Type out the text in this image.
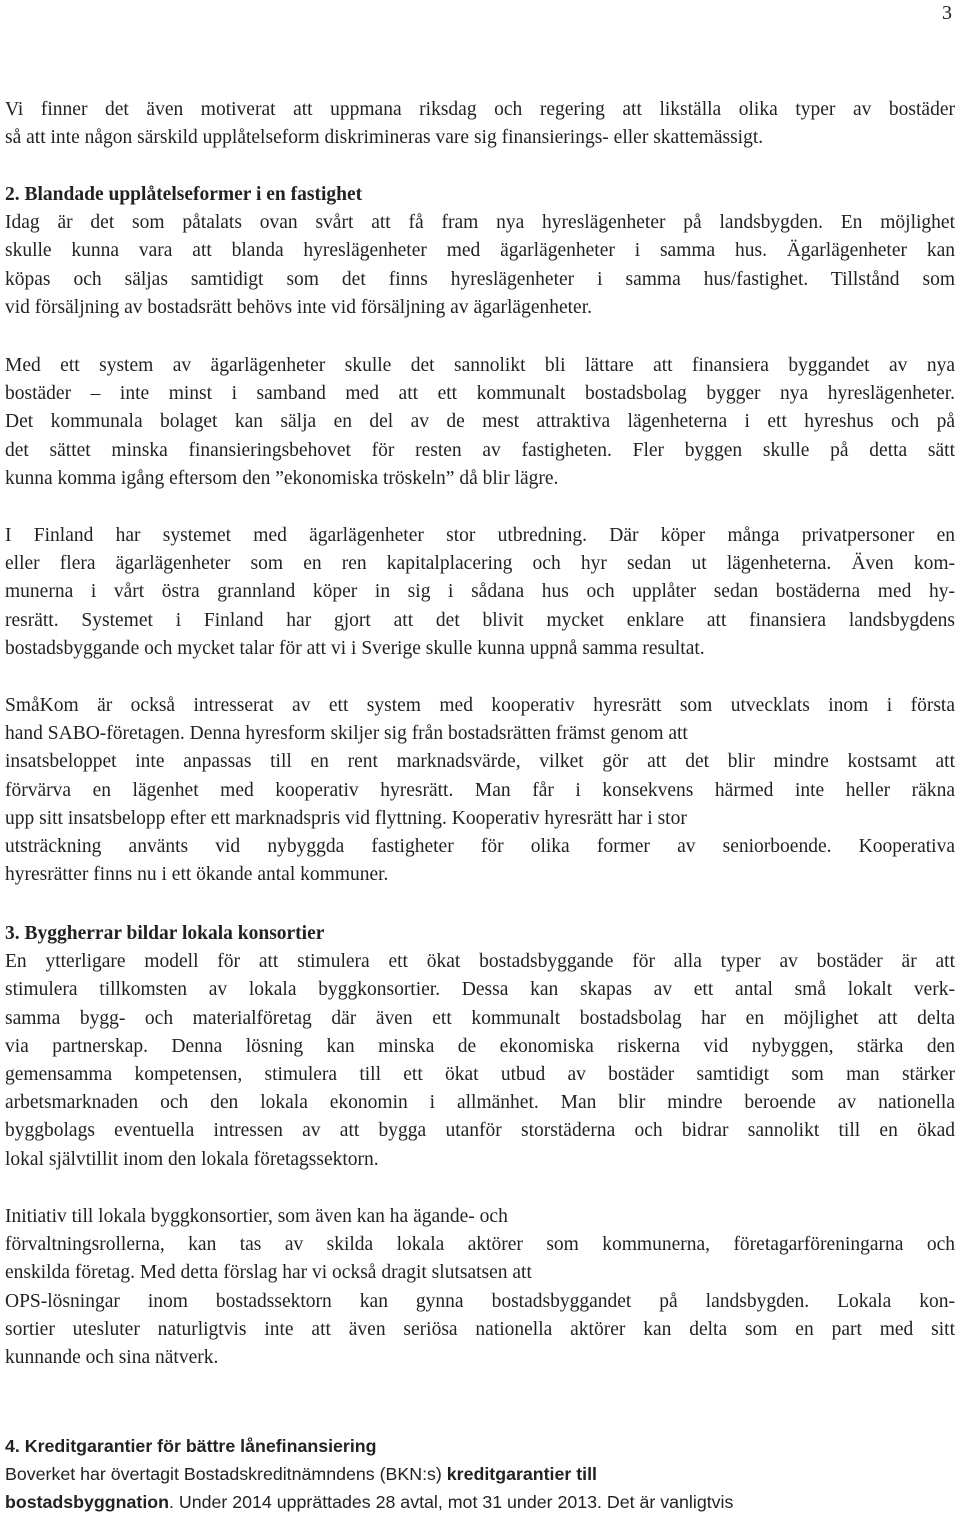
3
Vi finner det även motiverat att uppmana riksdag och regering att likställa olika typer av bostäder
så att inte någon särskild upplåtelseform diskrimineras vare sig finansierings- eller skattemässigt.
2. Blandade upplåtelseformer i en fastighet
Idag är det som påtalats ovan svårt att få fram nya hyreslägenheter på landsbygden. En möjlighet
skulle kunna vara att blanda hyreslägenheter med ägarlägenheter i samma hus. Ägarlägenheter kan
köpas och säljas samtidigt som det finns hyreslägenheter i samma hus/fastighet. Tillstånd som
vid försäljning av bostadsrätt behövs inte vid försäljning av ägarlägenheter.
Med ett system av ägarlägenheter skulle det sannolikt bli lättare att finansiera byggandet av nya
bostäder – inte minst i samband med att ett kommunalt bostadsbolag bygger nya hyreslägenheter.
Det kommunala bolaget kan sälja en del av de mest attraktiva lägenheterna i ett hyreshus och på
det sättet minska finansieringsbehovet för resten av fastigheten. Fler byggen skulle på detta sätt
kunna komma igång eftersom den ”ekonomiska tröskeln” då blir lägre.
I Finland har systemet med ägarlägenheter stor utbredning. Där köper många privatpersoner en
eller flera ägarlägenheter som en ren kapitalplacering och hyr sedan ut lägenheterna. Även kom-
munerna i vårt östra grannland köper in sig i sådana hus och upplåter sedan bostäderna med hy-
resrätt. Systemet i Finland har gjort att det blivit mycket enklare att finansiera landsbygdens
bostadsbyggande och mycket talar för att vi i Sverige skulle kunna uppnå samma resultat.
SmåKom är också intresserat av ett system med kooperativ hyresrätt som utvecklats inom i första
hand SABO-företagen. Denna hyresform skiljer sig från bostadsrätten främst genom att
insatsbeloppet inte anpassas till en rent marknadsvärde, vilket gör att det blir mindre kostsamt att
förvärva en lägenhet med kooperativ hyresrätt. Man får i konsekvens härmed inte heller räkna
upp sitt insatsbelopp efter ett marknadspris vid flyttning. Kooperativ hyresrätt har i stor
utsträckning använts vid nybyggda fastigheter för olika former av seniorboende. Kooperativa
hyresrätter finns nu i ett ökande antal kommuner.
3. Byggherrar bildar lokala konsortier
En ytterligare modell för att stimulera ett ökat bostadsbyggande för alla typer av bostäder är att
stimulera tillkomsten av lokala byggkonsortier. Dessa kan skapas av ett antal små lokalt verk-
samma bygg- och materialföretag där även ett kommunalt bostadsbolag har en möjlighet att delta
via partnerskap. Denna lösning kan minska de ekonomiska riskerna vid nybyggen, stärka den
gemensamma kompetensen, stimulera till ett ökat utbud av bostäder samtidigt som man stärker
arbetsmarknaden och den lokala ekonomin i allmänhet. Man blir mindre beroende av nationella
byggbolags eventuella intressen av att bygga utanför storstäderna och bidrar sannolikt till en ökad
lokal självtillit inom den lokala företagssektorn.
Initiativ till lokala byggkonsortier, som även kan ha ägande- och
förvaltningsrollerna, kan tas av skilda lokala aktörer som kommunerna, företagarföreningarna och
enskilda företag. Med detta förslag har vi också dragit slutsatsen att
OPS-lösningar inom bostadssektorn kan gynna bostadsbyggandet på landsbygden. Lokala kon-
sortier utesluter naturligtvis inte att även seriösa nationella aktörer kan delta som en part med sitt
kunnande och sina nätverk.
4. Kreditgarantier för bättre lånefinansiering
Boverket har övertagit Bostadskreditnämndens (BKN:s) kreditgarantier till
bostadsbyggnation. Under 2014 upprättades 28 avtal, mot 31 under 2013. Det är vanligtvis
